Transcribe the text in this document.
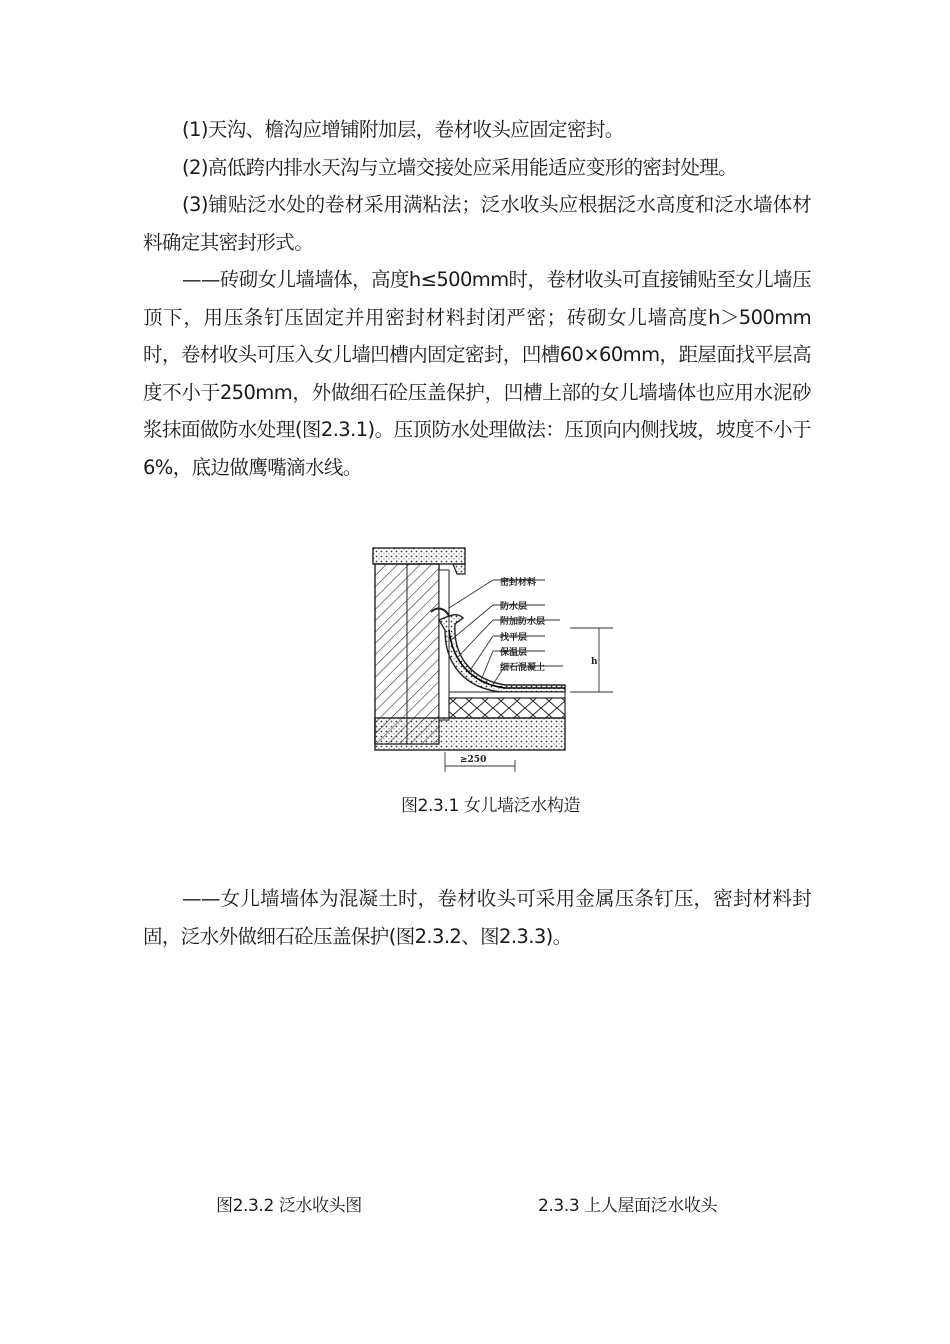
(1)天沟、檐沟应增铺附加层，卷材收头应固定密封。

(2)高低跨内排水天沟与立墙交接处应采用能适应变形的密封处理。

(3)铺贴泛水处的卷材采用满粘法；泛水收头应根据泛水高度和泛水墙体材料确定其密封形式。

——砖砌女儿墙墙体，高度h≤500mm时，卷材收头可直接铺贴至女儿墙压顶下，用压条钉压固定并用密封材料封闭严密；砖砌女儿墙高度h＞500mm时，卷材收头可压入女儿墙凹槽内固定密封，凹槽60×60mm，距屋面找平层高度不小于250mm，外做细石砼压盖保护，凹槽上部的女儿墙墙体也应用水泥砂浆抹面做防水处理(图2.3.1)。压顶防水处理做法：压顶向内侧找坡，坡度不小于6%，底边做鹰嘴滴水线。

密封材料
防水层
附加防水层
找平层
保温层
细石混凝土
h
≥250
图2.3.1 女儿墙泛水构造

——女儿墙墙体为混凝土时，卷材收头可采用金属压条钉压，密封材料封固，泛水外做细石砼压盖保护(图2.3.2、图2.3.3)。

图2.3.2 泛水收头图	2.3.3 上人屋面泛水收头
